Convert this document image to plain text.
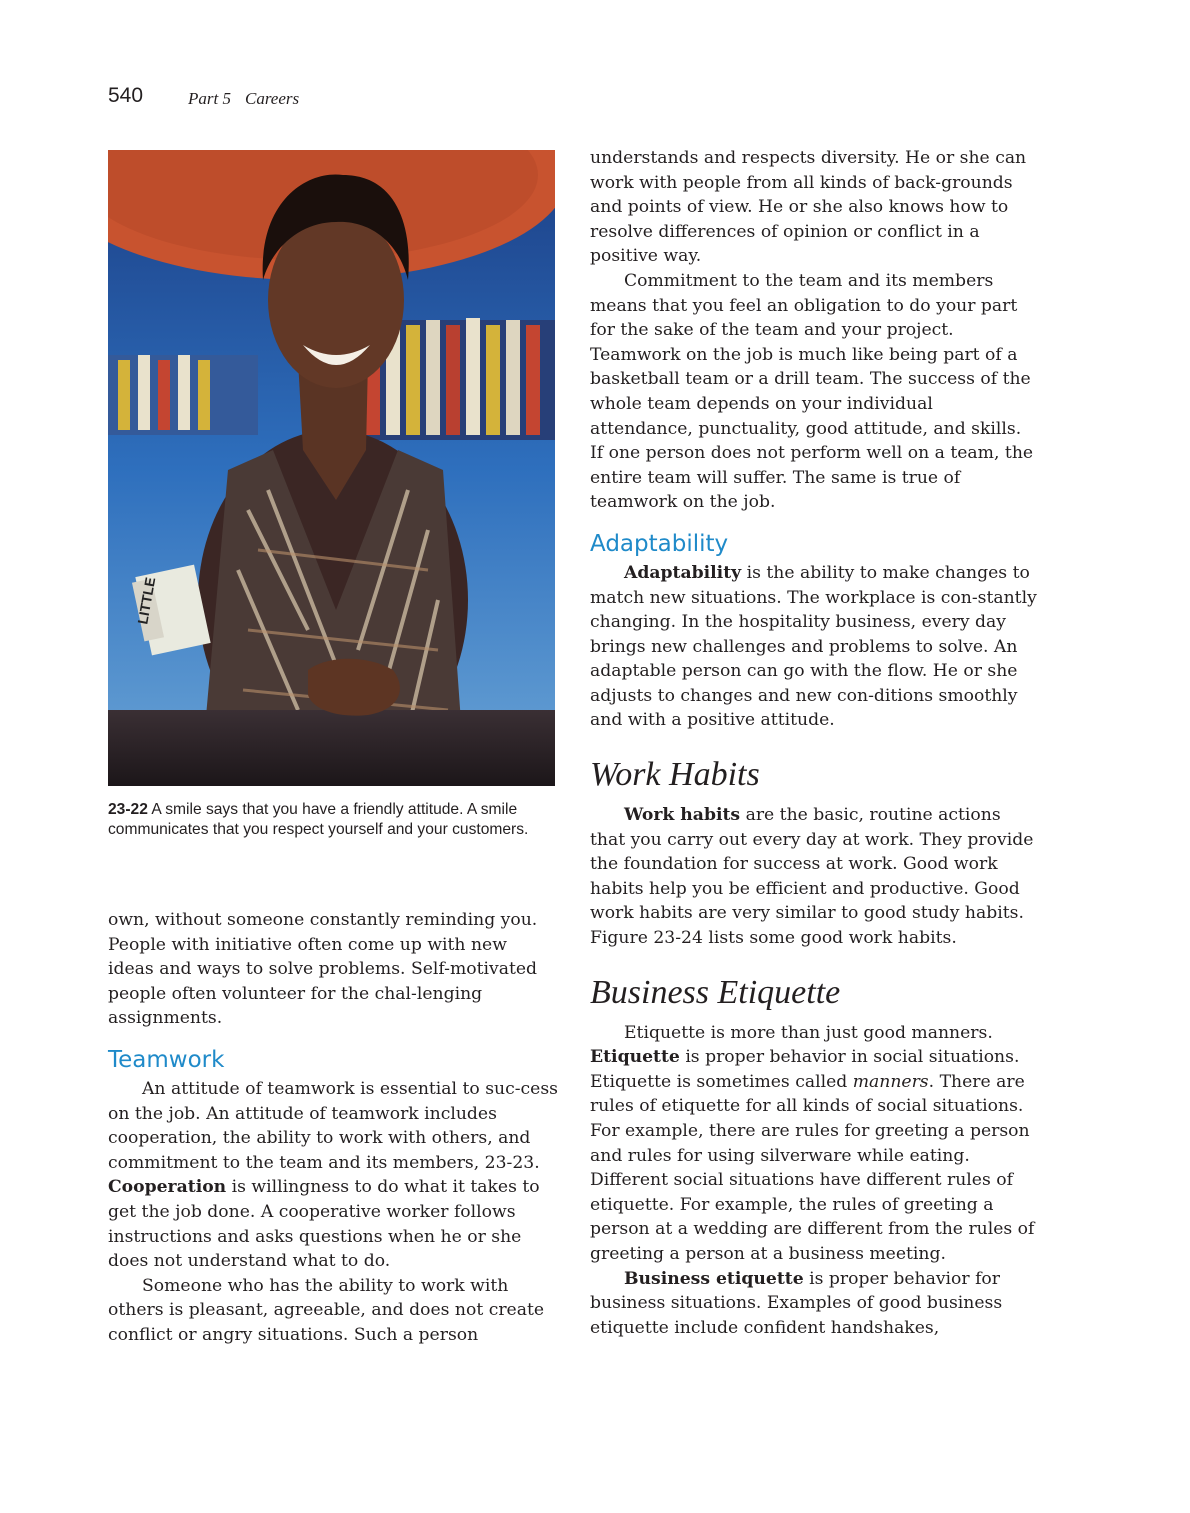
540	Part 5 Careers
LITTLE
23-22 A smile says that you have a friendly attitude. A smile communicates that you respect yourself and your customers.

own, without someone constantly reminding you. People with initiative often come up with new ideas and ways to solve problems. Self-motivated people often volunteer for the chal-lenging assignments.

Teamwork

An attitude of teamwork is essential to suc-cess on the job. An attitude of teamwork includes cooperation, the ability to work with others, and commitment to the team and its members, 23-23. Cooperation is willingness to do what it takes to get the job done. A cooperative worker follows instructions and asks questions when he or she does not understand what to do.

Someone who has the ability to work with others is pleasant, agreeable, and does not create conflict or angry situations. Such a person

understands and respects diversity. He or she can work with people from all kinds of back-grounds and points of view. He or she also knows how to resolve differences of opinion or conflict in a positive way.

Commitment to the team and its members means that you feel an obligation to do your part for the sake of the team and your project. Teamwork on the job is much like being part of a basketball team or a drill team. The success of the whole team depends on your individual attendance, punctuality, good attitude, and skills. If one person does not perform well on a team, the entire team will suffer. The same is true of teamwork on the job.

Adaptability

Adaptability is the ability to make changes to match new situations. The workplace is con-stantly changing. In the hospitality business, every day brings new challenges and problems to solve. An adaptable person can go with the flow. He or she adjusts to changes and new con-ditions smoothly and with a positive attitude.

Work Habits

Work habits are the basic, routine actions that you carry out every day at work. They provide the foundation for success at work. Good work habits help you be efficient and productive. Good work habits are very similar to good study habits. Figure 23-24 lists some good work habits.

Business Etiquette

Etiquette is more than just good manners. Etiquette is proper behavior in social situations. Etiquette is sometimes called manners. There are rules of etiquette for all kinds of social situations. For example, there are rules for greeting a person and rules for using silverware while eating. Different social situations have different rules of etiquette. For example, the rules of greeting a person at a wedding are different from the rules of greeting a person at a business meeting.

Business etiquette is proper behavior for business situations. Examples of good business etiquette include confident handshakes,
